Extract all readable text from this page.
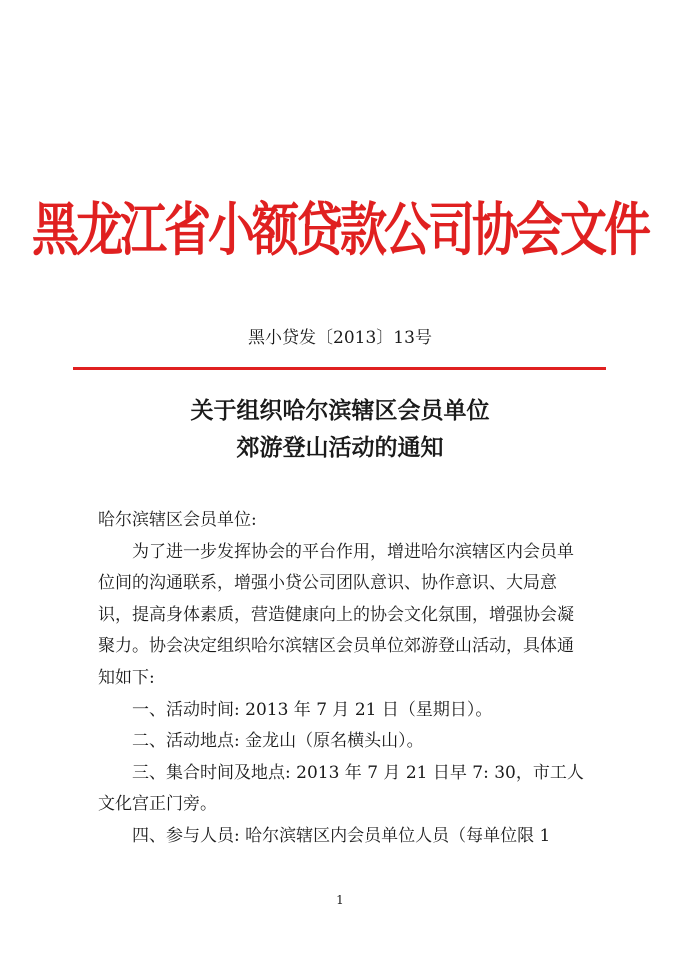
黑龙江省小额贷款公司协会文件
黑小贷发〔2013〕13号
关于组织哈尔滨辖区会员单位
郊游登山活动的通知

哈尔滨辖区会员单位:

为了进一步发挥协会的平台作用，增进哈尔滨辖区内会员单位间的沟通联系，增强小贷公司团队意识、协作意识、大局意识，提高身体素质，营造健康向上的协会文化氛围，增强协会凝聚力。协会决定组织哈尔滨辖区会员单位郊游登山活动，具体通知如下:

一、活动时间: 2013 年 7 月 21 日（星期日）。

二、活动地点: 金龙山（原名横头山）。

三、集合时间及地点: 2013 年 7 月 21 日早 7: 30，市工人文化宫正门旁。

四、参与人员: 哈尔滨辖区内会员单位人员（每单位限 1

1
